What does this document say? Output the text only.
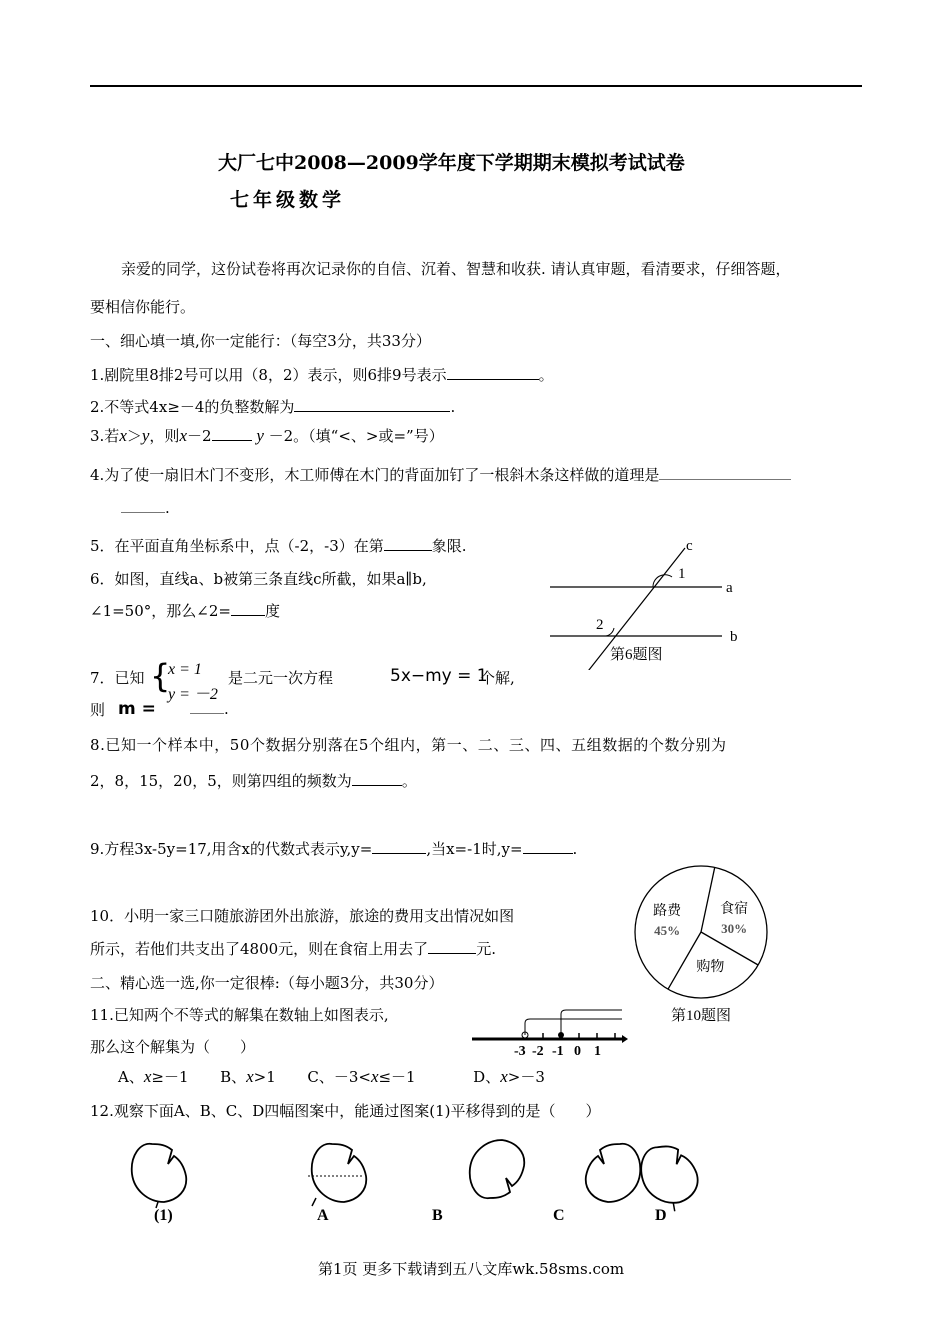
大厂七中2008—2009学年度下学期期末模拟考试试卷
七年级数学
亲爱的同学，这份试卷将再次记录你的自信、沉着、智慧和收获. 请认真审题，看清要求，仔细答题，
要相信你能行。
一、细心填一填,你一定能行：（每空3分，共33分）
1.剧院里8排2号可以用（8，2）表示，则6排9号表示	。
2.不等式4x≥－4的负整数解为	.
3.若x＞y，则x－2	y －2。（填“<、>或=”号）
4.为了使一扇旧木门不变形，木工师傅在木门的背面加钉了一根斜木条这样做的道理是
.
5．在平面直角坐标系中，点（-2，-3）在第	象限.
6．如图，直线a、b被第三条直线c所截，如果a∥b,
∠1=50°，那么∠2= 度
c
1
a
2
b
第6题图
7．已知 {
x = 1
y = －2
是二元一次方程	5x−my = 1
个解,
则 m =	.
8.已知一个样本中，50个数据分别落在5个组内，第一、二、三、四、五组数据的个数分别为
2，8，15，20，5，则第四组的频数为	。
9.方程3x-5y=17,用含x的代数式表示y,y=	,当x=-1时,y=	.
10．小明一家三口随旅游团外出旅游，旅途的费用支出情况如图
所示，若他们共支出了4800元，则在食宿上用去了	元.
食宿
30%
购物
路费
45%
第10题图
二、精心选一选,你一定很棒:（每小题3分，共30分）
11.已知两个不等式的解集在数轴上如图表示,
那么这个解集为（　　）
A、x≥－1 B、x>1 C、－3<x≤－1	D、x>－3
-3 -2 -1 0 1
12.观察下面A、B、C、D四幅图案中，能通过图案(1)平移得到的是（　　）
(1)	A	B	C	D
第1页 更多下载请到五八文库wk.58sms.com
